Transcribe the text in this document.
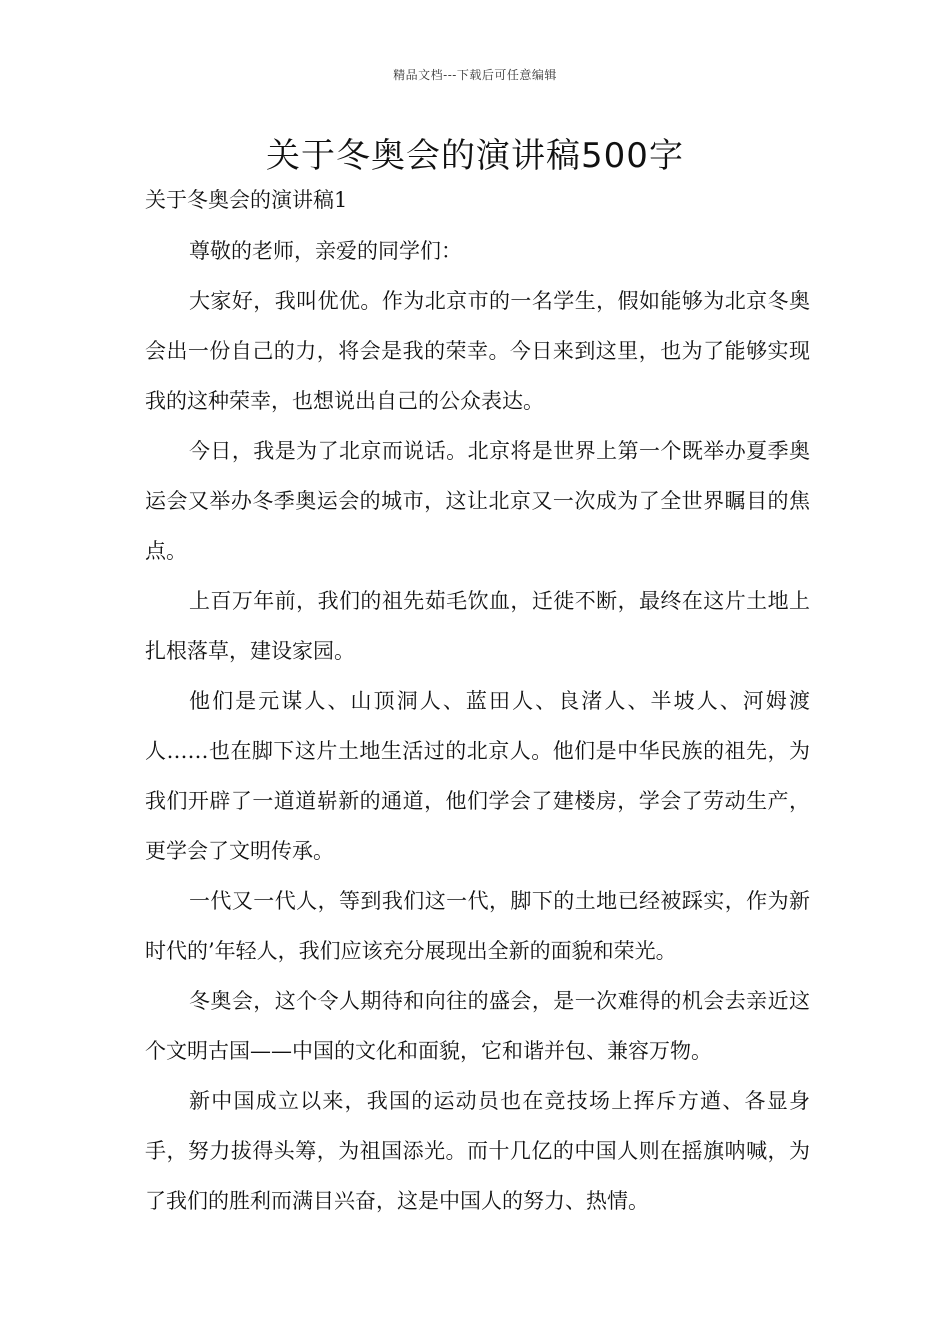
精品文档---下载后可任意编辑
关于冬奥会的演讲稿500字

关于冬奥会的演讲稿1

尊敬的老师，亲爱的同学们：

大家好，我叫优优。作为北京市的一名学生，假如能够为北京冬奥会出一份自己的力，将会是我的荣幸。今日来到这里，也为了能够实现我的这种荣幸，也想说出自己的公众表达。

今日，我是为了北京而说话。北京将是世界上第一个既举办夏季奥运会又举办冬季奥运会的城市，这让北京又一次成为了全世界瞩目的焦点。

上百万年前，我们的祖先茹毛饮血，迁徙不断，最终在这片土地上扎根落草，建设家园。

他们是元谋人、山顶洞人、蓝田人、良渚人、半坡人、河姆渡人……也在脚下这片土地生活过的北京人。他们是中华民族的祖先，为我们开辟了一道道崭新的通道，他们学会了建楼房，学会了劳动生产，更学会了文明传承。

一代又一代人，等到我们这一代，脚下的土地已经被踩实，作为新时代的’年轻人，我们应该充分展现出全新的面貌和荣光。

冬奥会，这个令人期待和向往的盛会，是一次难得的机会去亲近这个文明古国——中国的文化和面貌，它和谐并包、兼容万物。

新中国成立以来，我国的运动员也在竞技场上挥斥方遒、各显身手，努力拔得头筹，为祖国添光。而十几亿的中国人则在摇旗呐喊，为了我们的胜利而满目兴奋，这是中国人的努力、热情。
